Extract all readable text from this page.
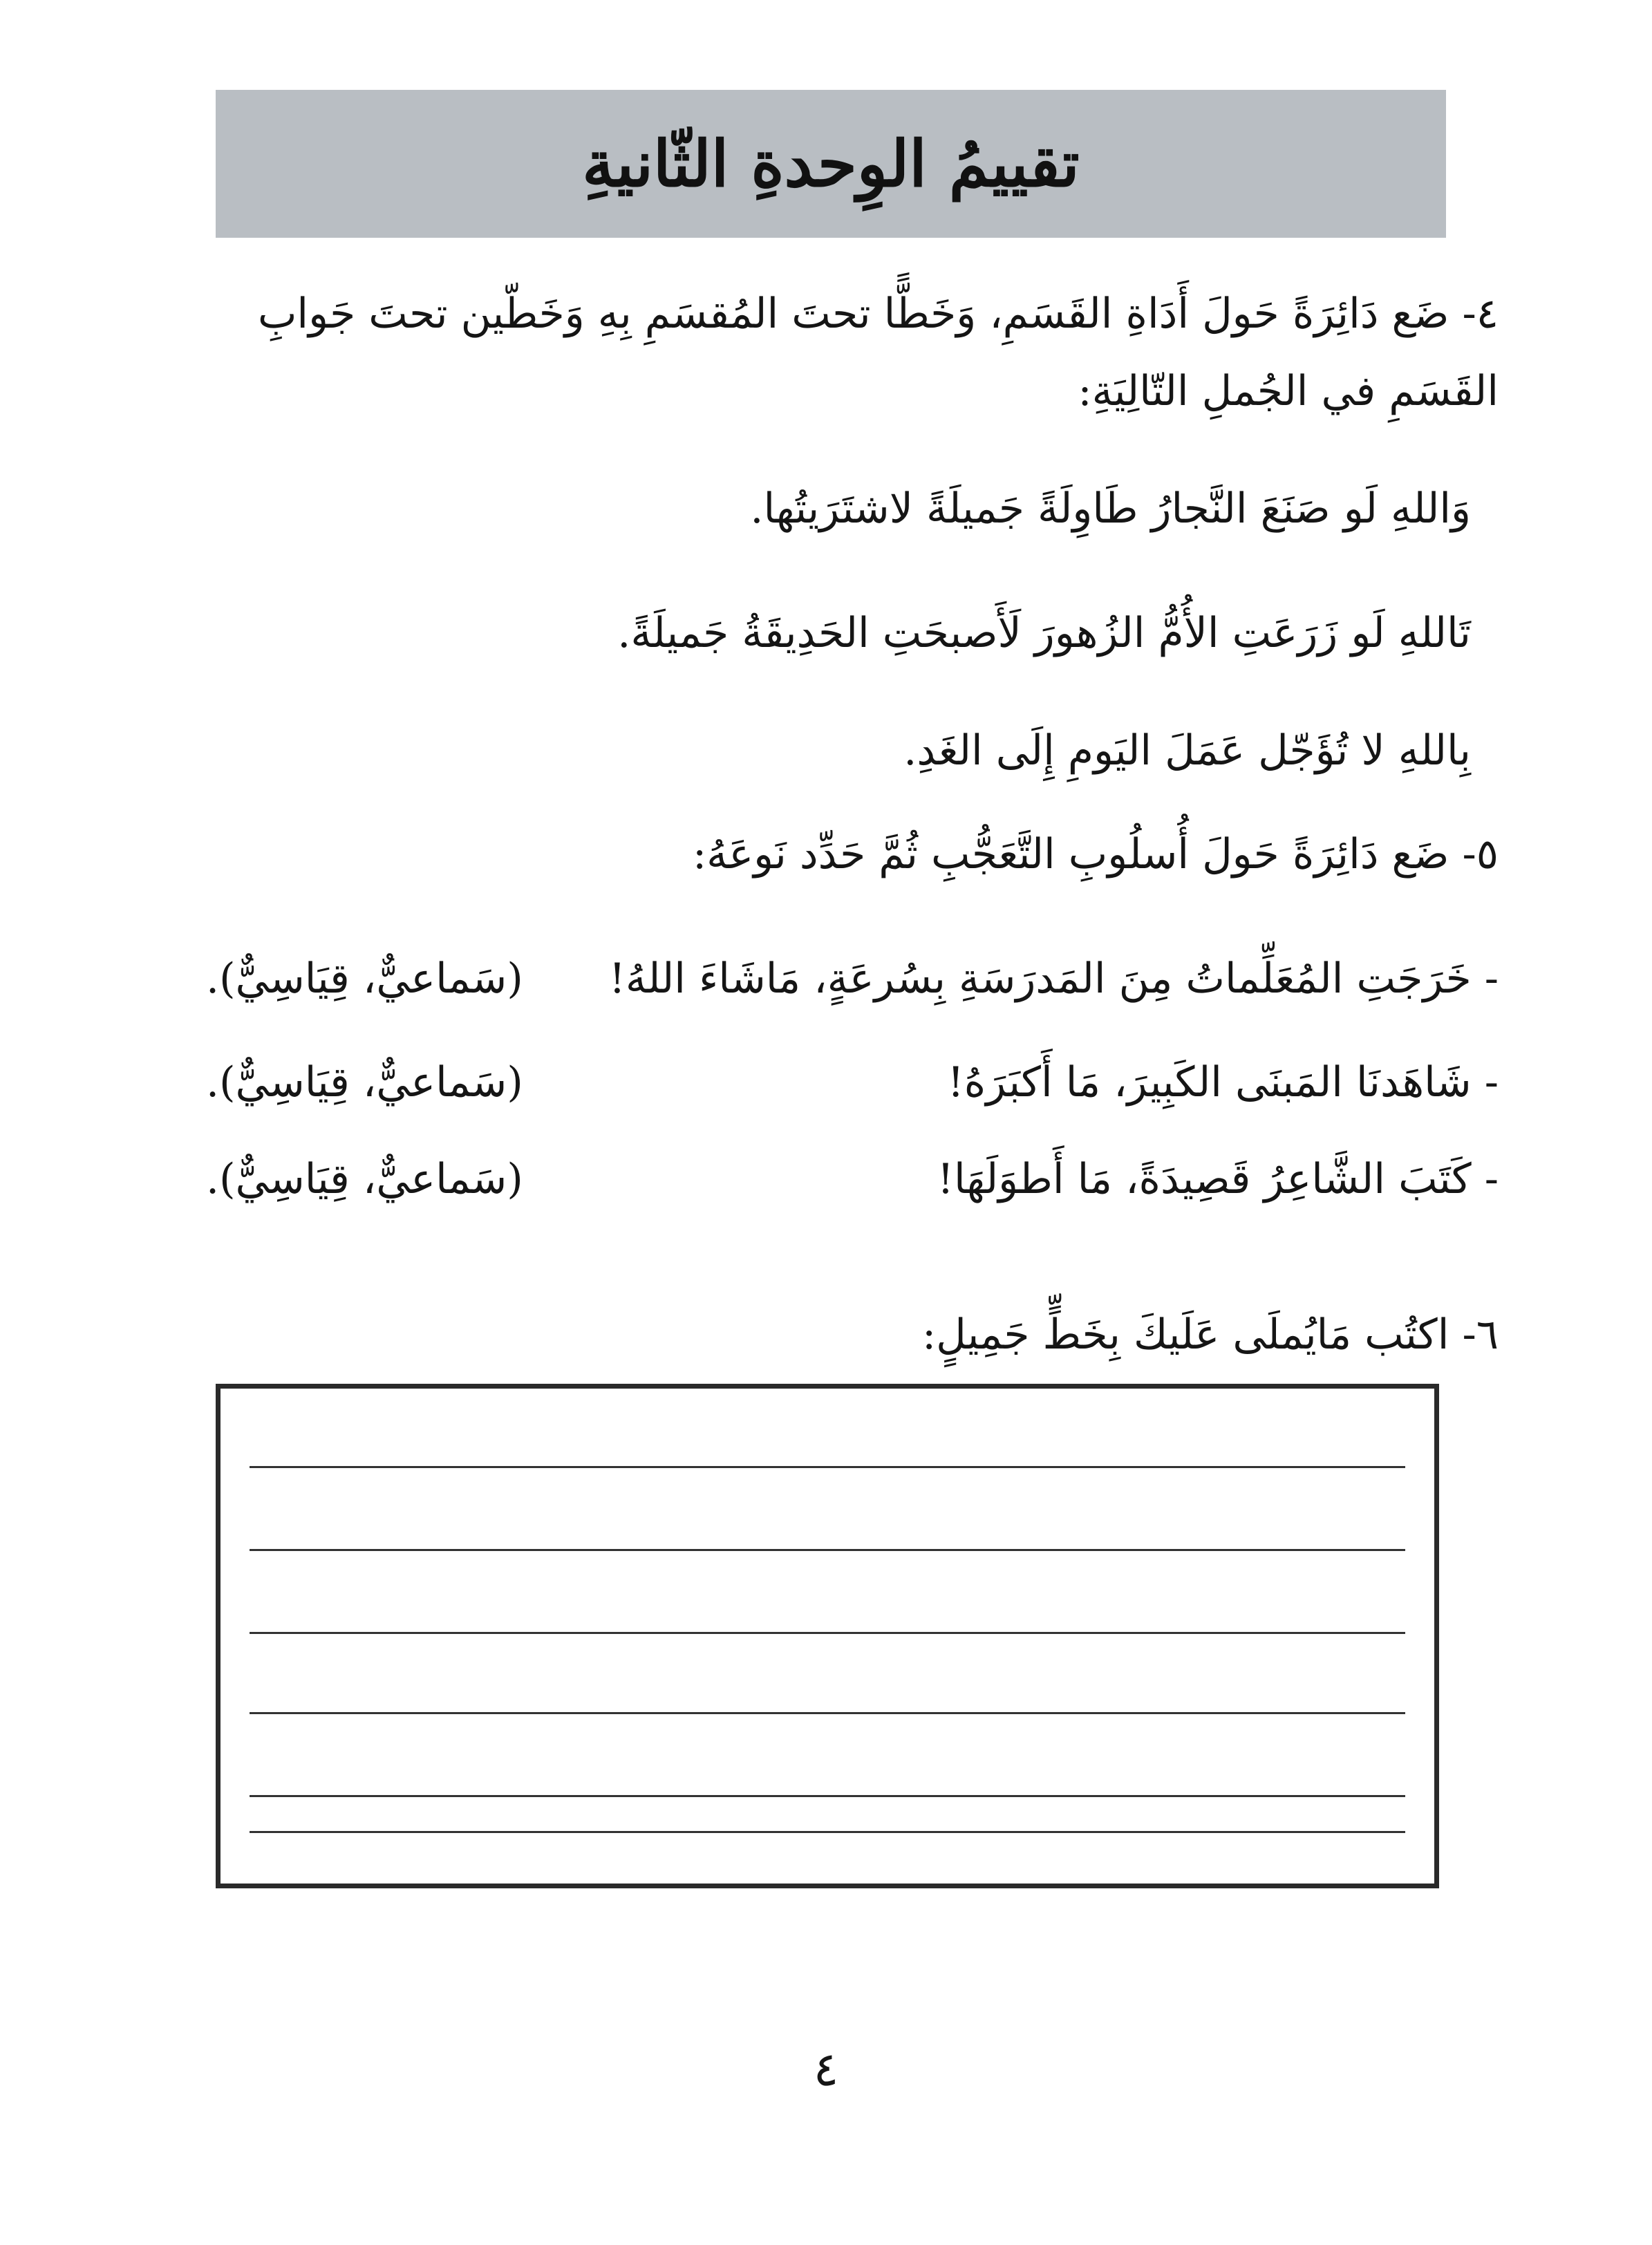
تقييمُ الوِحدةِ الثّانيةِ
٤- ضَع دَائِرَةً حَولَ أَدَاةِ القَسَمِ، وَخَطًّا تحتَ المُقسَمِ بِهِ وَخَطّين تحتَ جَوابِ
القَسَمِ في الجُملِ التّالِيَةِ:
وَاللهِ لَو صَنَعَ النَّجارُ طَاوِلَةً جَميلَةً لاشتَرَيتُها.
تَاللهِ لَو زَرَعَتِ الأُمُّ الزُهورَ لَأَصبحَتِ الحَدِيقَةُ جَميلَةً.
بِاللهِ لا تُؤَجّل عَمَلَ اليَومِ إِلَى الغَدِ.
٥- ضَع دَائِرَةً حَولَ أُسلُوبِ التَّعَجُّبِ ثُمَّ حَدِّد نَوعَهُ:
- خَرَجَتِ المُعَلِّماتُ مِنَ المَدرَسَةِ بِسُرعَةٍ، مَاشَاءَ اللهُ!
(سَماعيٌّ، قِيَاسِيٌّ).
- شَاهَدنَا المَبنَى الكَبِيرَ، مَا أَكبَرَهُ!
(سَماعيٌّ، قِيَاسِيٌّ).
- كَتَبَ الشَّاعِرُ قَصِيدَةً، مَا أَطوَلَهَا!
(سَماعيٌّ، قِيَاسِيٌّ).
٦- اكتُب مَايُملَى عَلَيكَ بِخَطٍّ جَمِيلٍ:
٤
